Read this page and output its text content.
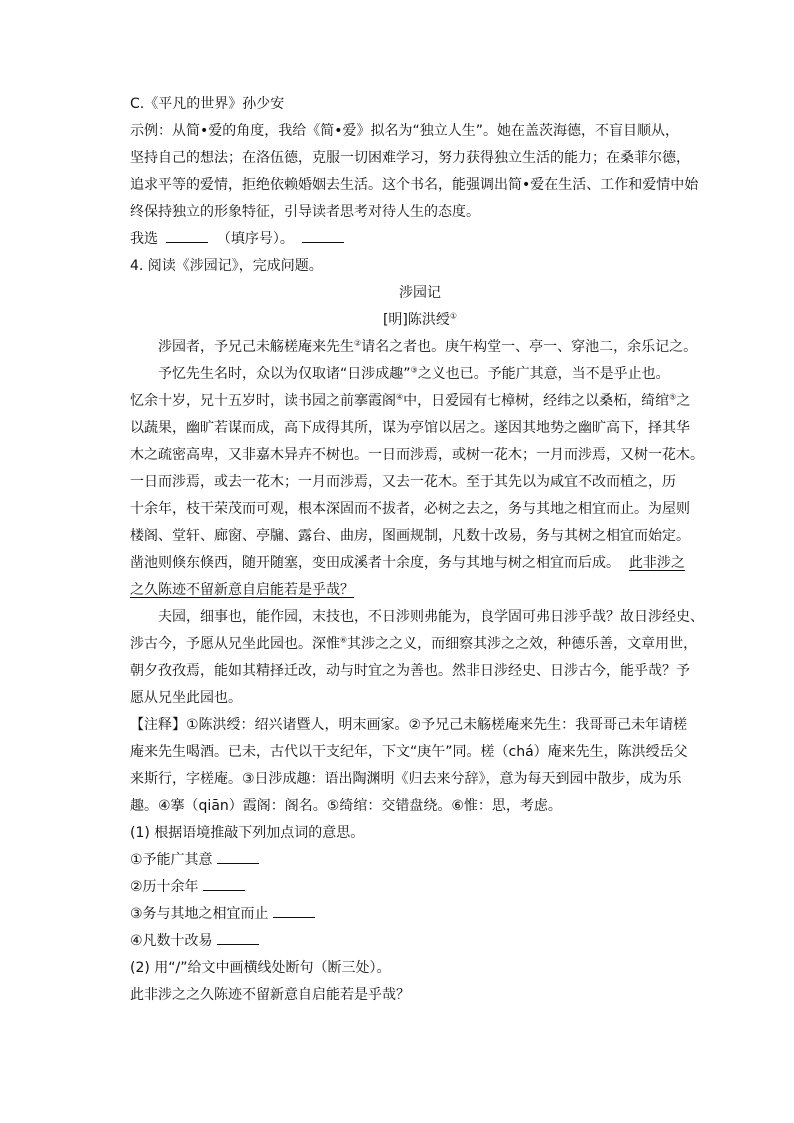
C.《平凡的世界》孙少安
示例：从简•爱的角度，我给《简•爱》拟名为“独立人生”。她在盖茨海德，不盲目顺从，
坚持自己的想法；在洛伍德，克服一切困难学习，努力获得独立生活的能力；在桑菲尔德，
追求平等的爱情，拒绝依赖婚姻去生活。这个书名，能强调出简•爱在生活、工作和爱情中始
终保持独立的形象特征，引导读者思考对待人生的态度。
我选	（填序号）。
4. 阅读《涉园记》，完成问题。
涉园记
[明]陈洪绶①
涉园者，予兄己未觞槎庵来先生②请名之者也。庚午构堂一、亭一、穿池二，余乐记之。
予忆先生名时，众以为仅取诸“日涉成趣”③之义也已。予能广其意，当不是乎止也。
忆余十岁，兄十五岁时，读书园之前搴霞阁④中，日爱园有七樟树，经纬之以桑柘，绮绾⑤之
以蔬果，幽旷若谋而成，高下成得其所，谋为亭馆以居之。遂因其地势之幽旷高下，择其华
木之疏密高卑，又非嘉木异卉不树也。一日而涉焉，或树一花木；一月而涉焉，又树一花木。
一日而涉焉，或去一花木；一月而涉焉，又去一花木。至于其先以为咸宜不改而植之，历
十余年，枝干荣茂而可观，根本深固而不拔者，必树之去之，务与其地之相宜而止。为屋则
楼阁、堂轩、廊窗、亭牖、露台、曲房，图画规制，凡数十改易，务与其树之相宜而始定。
凿池则倏东倏西，随开随塞，变田成溪者十余度，务与其地与树之相宜而后成。 此非涉之
之久陈迹不留新意自启能若是乎哉？
夫园，细事也，能作园，末技也，不日涉则弗能为，良学固可弗日涉乎哉？故日涉经史、
涉古今，予愿从兄坐此园也。深惟⑥其涉之之义，而细察其涉之之效，种德乐善，文章用世，
朝夕孜孜焉，能如其精择迁改，动与时宜之为善也。然非日涉经史、日涉古今，能乎哉？予
愿从兄坐此园也。
【注释】①陈洪绶：绍兴诸暨人，明末画家。②予兄己未觞槎庵来先生：我哥哥己未年请槎
庵来先生喝酒。已未，古代以干支纪年，下文“庚午”同。槎（chá）庵来先生，陈洪绶岳父
来斯行，字槎庵。③日涉成趣：语出陶渊明《归去来兮辞》，意为每天到园中散步，成为乐
趣。④搴（qiān）霞阁：阁名。⑤绮绾：交错盘绕。⑥惟：思，考虑。
(1) 根据语境推敲下列加点词的意思。
①予能广其意
②历十余年
③务与其地之相宜而止
④凡数十改易
(2) 用“/”给文中画横线处断句（断三处）。
此非涉之之久陈迹不留新意自启能若是乎哉？
